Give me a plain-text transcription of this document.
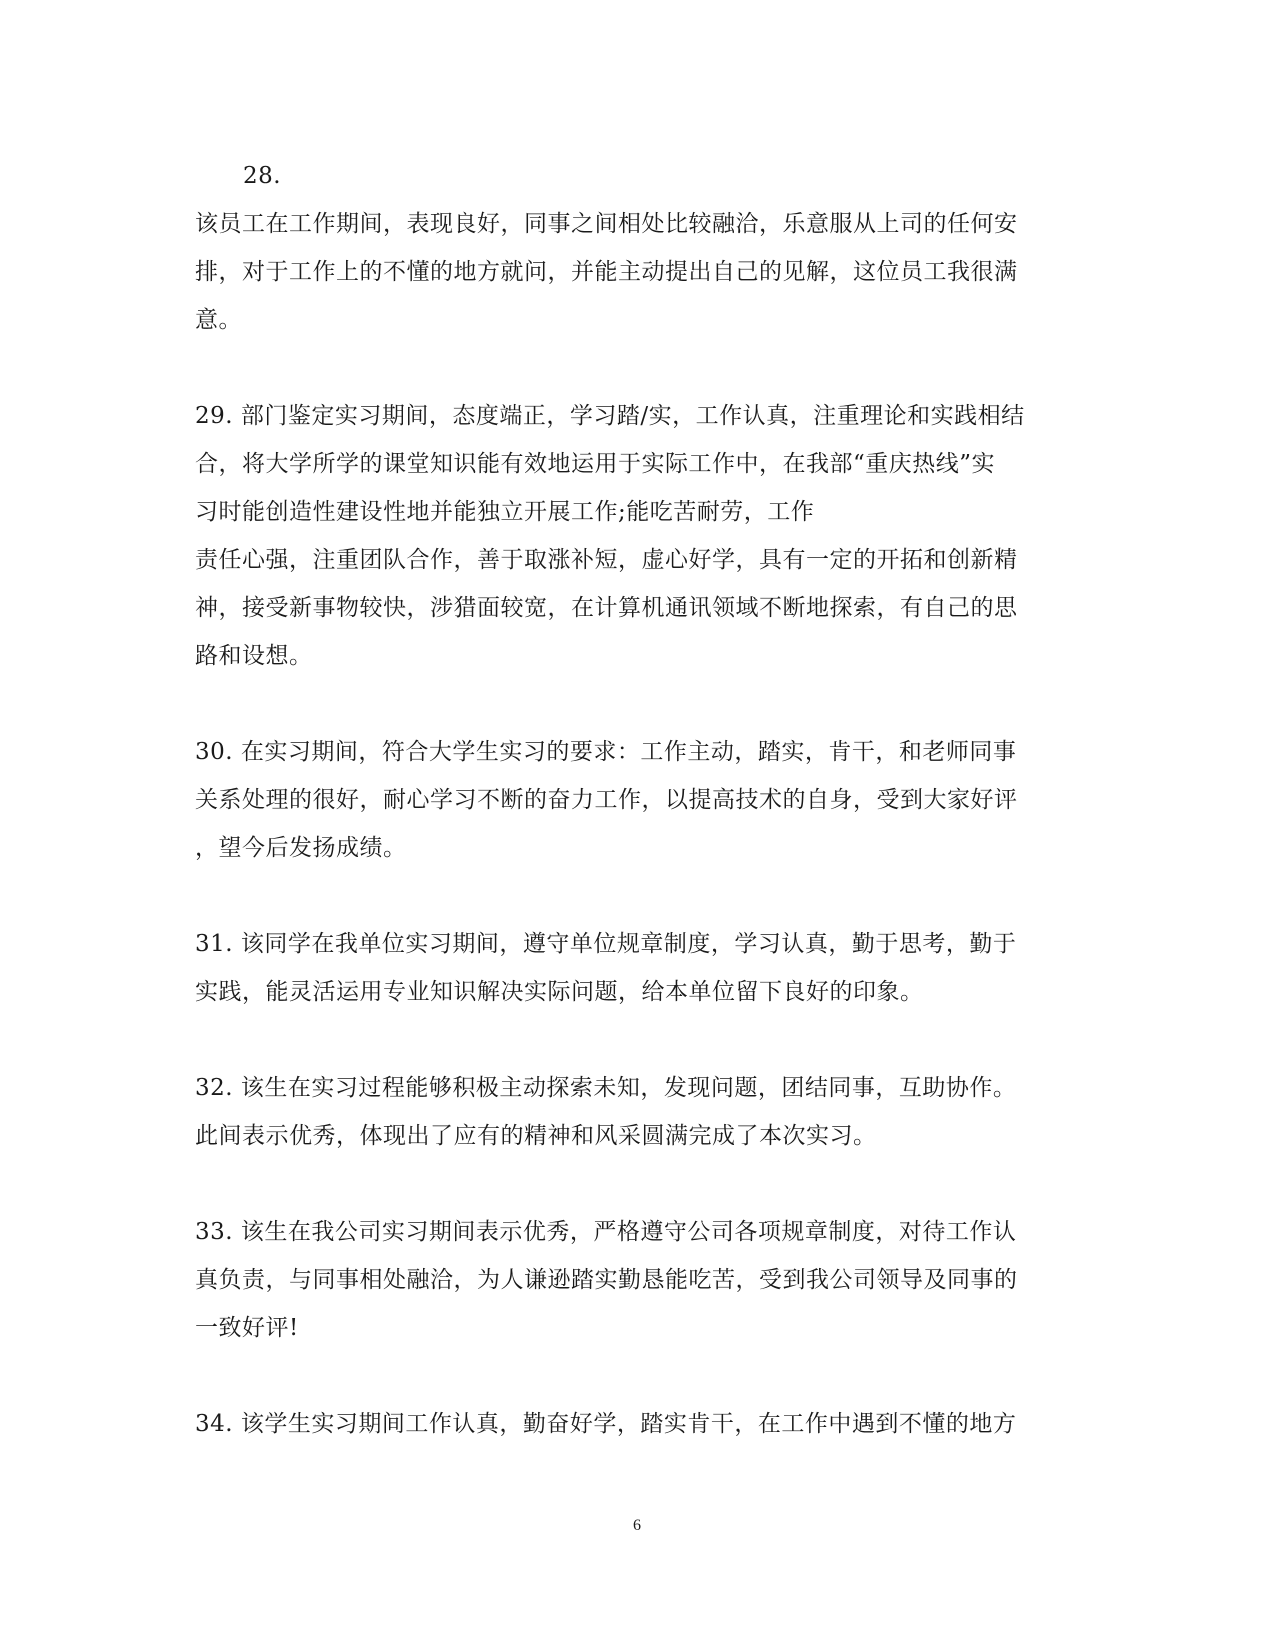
28.
该员工在工作期间，表现良好，同事之间相处比较融洽，乐意服从上司的任何安
排，对于工作上的不懂的地方就问，并能主动提出自己的见解，这位员工我很满
意。
29. 部门鉴定实习期间，态度端正，学习踏/实，工作认真，注重理论和实践相结
合，将大学所学的课堂知识能有效地运用于实际工作中，在我部“重庆热线”实
习时能创造性建设性地并能独立开展工作;能吃苦耐劳，工作
责任心强，注重团队合作，善于取涨补短，虚心好学，具有一定的开拓和创新精
神，接受新事物较快，涉猎面较宽，在计算机通讯领域不断地探索，有自己的思
路和设想。
30. 在实习期间，符合大学生实习的要求：工作主动，踏实，肯干，和老师同事
关系处理的很好，耐心学习不断的奋力工作，以提高技术的自身，受到大家好评
，望今后发扬成绩。
31. 该同学在我单位实习期间，遵守单位规章制度，学习认真，勤于思考，勤于
实践，能灵活运用专业知识解决实际问题，给本单位留下良好的印象。
32. 该生在实习过程能够积极主动探索未知，发现问题，团结同事，互助协作。
此间表示优秀，体现出了应有的精神和风采圆满完成了本次实习。
33. 该生在我公司实习期间表示优秀，严格遵守公司各项规章制度，对待工作认
真负责，与同事相处融洽，为人谦逊踏实勤恳能吃苦，受到我公司领导及同事的
一致好评!
34. 该学生实习期间工作认真，勤奋好学，踏实肯干，在工作中遇到不懂的地方
6
